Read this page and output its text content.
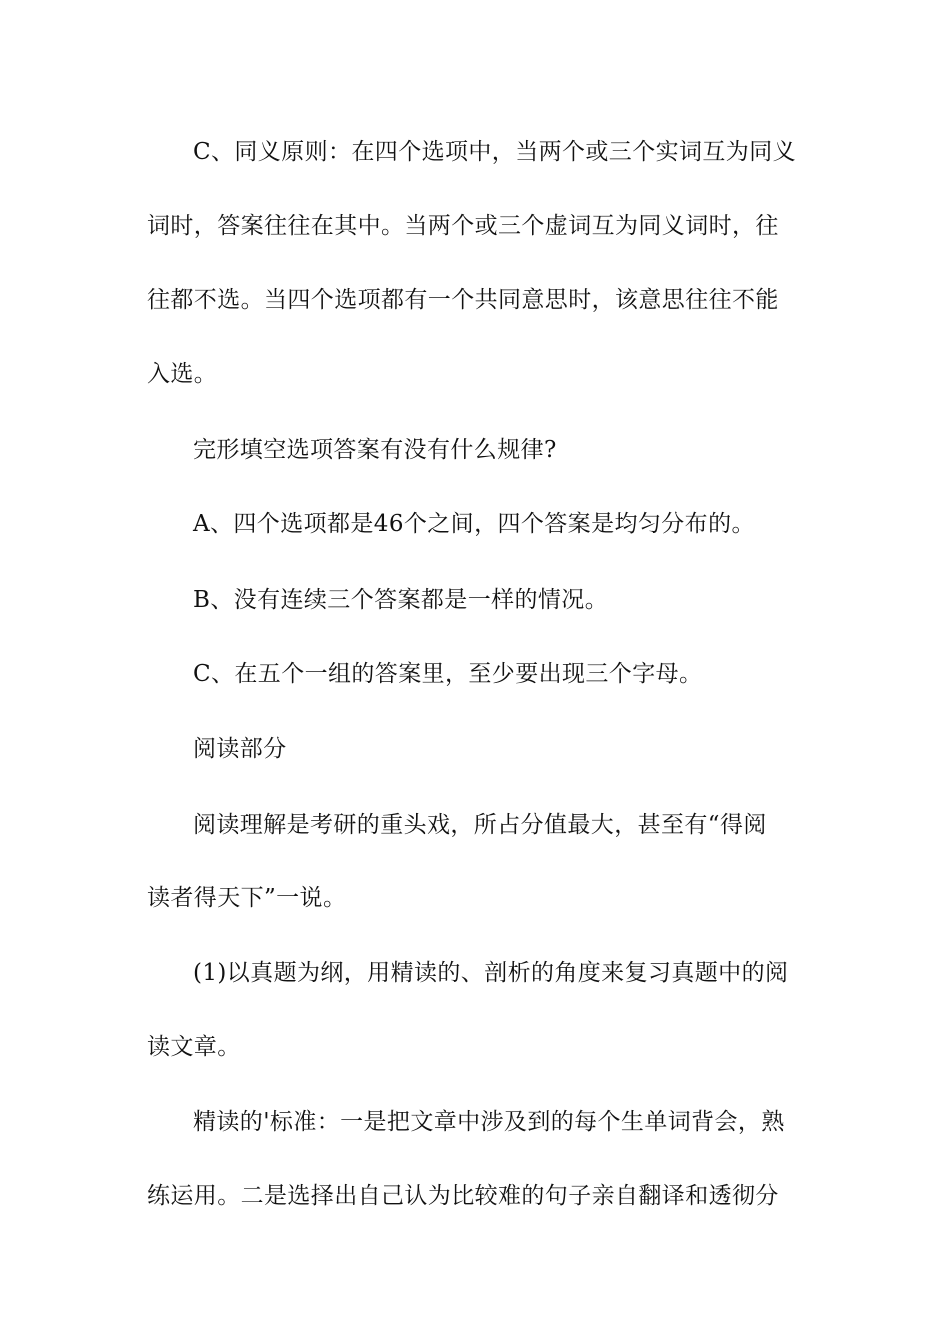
C、同义原则：在四个选项中，当两个或三个实词互为同义
词时，答案往往在其中。当两个或三个虚词互为同义词时，往
往都不选。当四个选项都有一个共同意思时，该意思往往不能
入选。
完形填空选项答案有没有什么规律?
A、四个选项都是46个之间，四个答案是均匀分布的。
B、没有连续三个答案都是一样的情况。
C、在五个一组的答案里，至少要出现三个字母。
阅读部分
阅读理解是考研的重头戏，所占分值最大，甚至有“得阅
读者得天下”一说。
(1)以真题为纲，用精读的、剖析的角度来复习真题中的阅
读文章。
精读的'标准：一是把文章中涉及到的每个生单词背会，熟
练运用。二是选择出自己认为比较难的句子亲自翻译和透彻分
